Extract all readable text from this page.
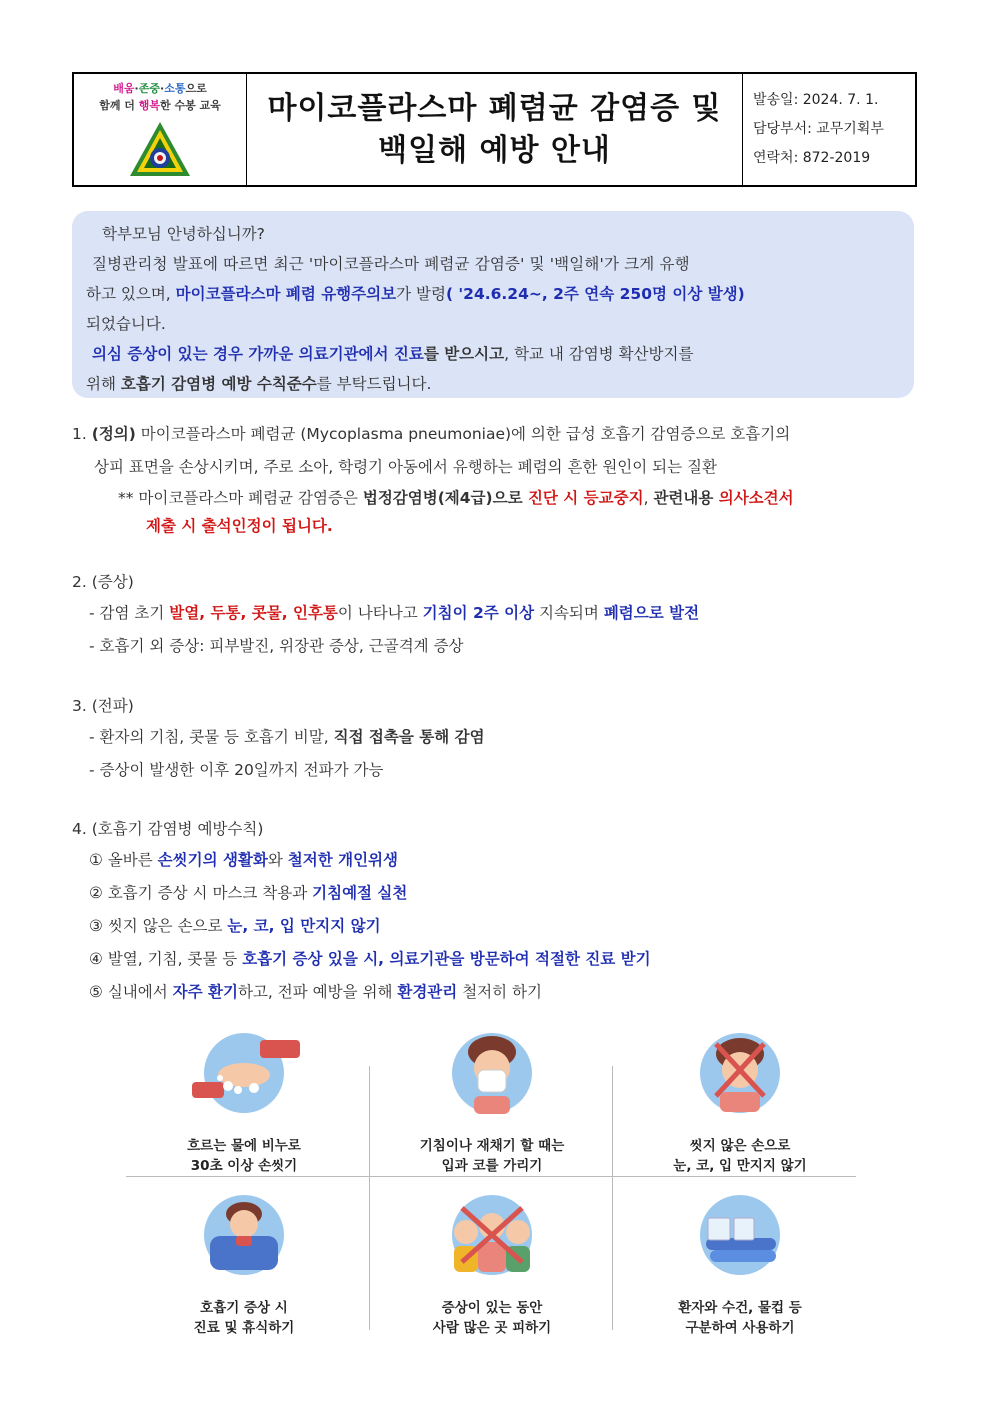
배움·존중·소통으로
함께 더 행복한 수봉 교육	마이코플라스마 폐렴균 감염증 및
백일해 예방 안내
발송일: 2024. 7. 1.
담당부서: 교무기획부
연락처: 872-2019

학부모님 안녕하십니까?

질병관리청 발표에 따르면 최근 '마이코플라스마 폐렴균 감염증' 및 '백일해'가 크게 유행

하고 있으며, 마이코플라스마 폐렴 유행주의보가 발령( '24.6.24~, 2주 연속 250명 이상 발생)

되었습니다.

의심 증상이 있는 경우 가까운 의료기관에서 진료를 받으시고, 학교 내 감염병 확산방지를

위해 호흡기 감염병 예방 수칙준수를 부탁드립니다.

1. (정의) 마이코플라스마 폐렴균 (Mycoplasma pneumoniae)에 의한 급성 호흡기 감염증으로 호흡기의
상피 표면을 손상시키며, 주로 소아, 학령기 아동에서 유행하는 폐렴의 흔한 원인이 되는 질환
** 마이코플라스마 폐렴균 감염증은 법정감염병(제4급)으로 진단 시 등교중지, 관련내용 의사소견서
제출 시 출석인정이 됩니다.
2. (증상)
- 감염 초기 발열, 두통, 콧물, 인후통이 나타나고 기침이 2주 이상 지속되며 폐렴으로 발전
- 호흡기 외 증상: 피부발진, 위장관 증상, 근골격계 증상
3. (전파)
- 환자의 기침, 콧물 등 호흡기 비말, 직접 접촉을 통해 감염
- 증상이 발생한 이후 20일까지 전파가 가능
4. (호흡기 감염병 예방수칙)
① 올바른 손씻기의 생활화와 철저한 개인위생
② 호흡기 증상 시 마스크 착용과 기침예절 실천
③ 씻지 않은 손으로 눈, 코, 입 만지지 않기
④ 발열, 기침, 콧물 등 호흡기 증상 있을 시, 의료기관을 방문하여 적절한 진료 받기
⑤ 실내에서 자주 환기하고, 전파 예방을 위해 환경관리 철저히 하기
흐르는 물에 비누로
30초 이상 손씻기
기침이나 재채기 할 때는
입과 코를 가리기
씻지 않은 손으로
눈, 코, 입 만지지 않기
호흡기 증상 시
진료 및 휴식하기
증상이 있는 동안
사람 많은 곳 피하기
환자와 수건, 물컵 등
구분하여 사용하기
